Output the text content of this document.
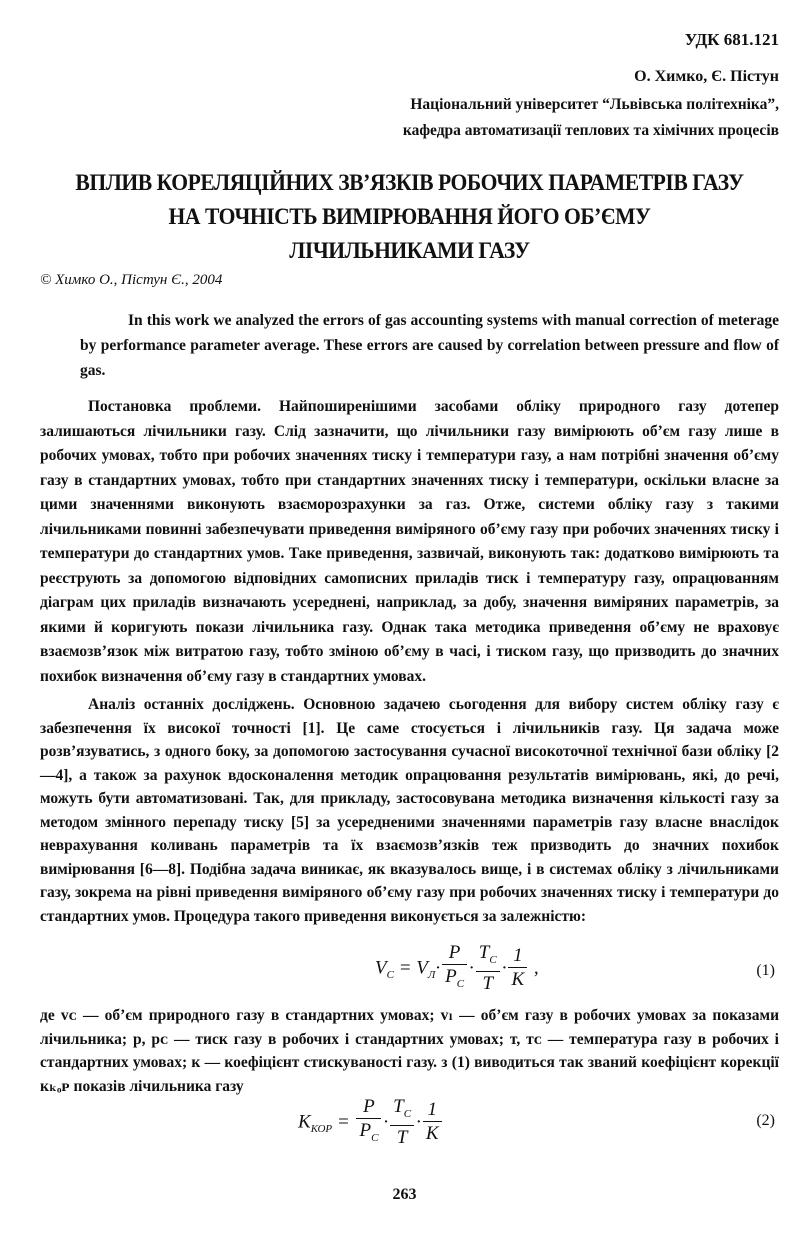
УДК 681.121
О. Химко, Є. Пістун
Національний університет “Львівська політехніка”,
кафедра автоматизації теплових та хімічних процесів
ВПЛИВ КОРЕЛЯЦІЙНИХ ЗВ’ЯЗКІВ РОБОЧИХ ПАРАМЕТРІВ ГАЗУ
НА ТОЧНІСТЬ ВИМІРЮВАННЯ ЙОГО ОБ’ЄМУ
ЛІЧИЛЬНИКАМИ ГАЗУ
© Химко О., Пістун Є., 2004
In this work we analyzed the errors of gas accounting systems with manual correction of meterage by performance parameter average. These errors are caused by correlation between pressure and flow of gas.
Постановка проблеми. Найпоширенішими засобами обліку природного газу дотепер залишаються лічильники газу. Слід зазначити, що лічильники газу вимірюють об’єм газу лише в робочих умовах, тобто при робочих значеннях тиску і температури газу, а нам потрібні значення об’єму газу в стандартних умовах, тобто при стандартних значеннях тиску і температури, оскільки власне за цими значеннями виконують взаєморозрахунки за газ. Отже, системи обліку газу з такими лічильниками повинні забезпечувати приведення виміряного об’єму газу при робочих значеннях тиску і температури до стандартних умов. Таке приведення, зазвичай, виконують так: додатково вимірюють та реєструють за допомогою відповідних самописних приладів тиск і температуру газу, опрацюванням діаграм цих приладів визначають усереднені, наприклад, за добу, значення виміряних параметрів, за якими й коригують покази лічильника газу. Однак така методика приведення об’єму не враховує взаємозв’язок між витратою газу, тобто зміною об’єму в часі, і тиском газу, що призводить до значних похибок визначення об’єму газу в стандартних умовах.
Аналіз останніх досліджень. Основною задачею сьогодення для вибору систем обліку газу є забезпечення їх високої точності [1]. Це саме стосується і лічильників газу. Ця задача може розв’язуватись, з одного боку, за допомогою застосування сучасної високоточної технічної бази обліку [2—4], а також за рахунок вдосконалення методик опрацювання результатів вимірювань, які, до речі, можуть бути автоматизовані. Так, для прикладу, застосовувана методика визначення кількості газу за методом змінного перепаду тиску [5] за усередненими значеннями параметрів газу власне внаслідок неврахування коливань параметрів та їх взаємозв’язків теж призводить до значних похибок вимірювання [6—8]. Подібна задача виникає, як вказувалось вище, і в системах обліку з лічильниками газу, зокрема на рівні приведення виміряного об’єму газу при робочих значеннях тиску і температури до стандартних умов. Процедура такого приведення виконується за залежністю:
$V_C = V_Л\cdot \frac{P}{P_C} \cdot \frac{T_C}{T} \cdot \frac{1}{K}$ ,	(1)
де vᴄ — об’єм природного газу в стандартних умовах; vₗ — об’єм газу в робочих умовах за показами лічильника; p, pᴄ — тиск газу в робочих і стандартних умовах; т, тᴄ — температура газу в робочих і стандартних умовах; к — коефіцієнт стискуваності газу. з (1) виводиться так званий коефіцієнт корекції кₖₒᴘ показів лічильника газу
$K_{КОР} = \frac{P}{P_C} \cdot \frac{T_C}{T} \cdot \frac{1}{K}$	(2)
263
